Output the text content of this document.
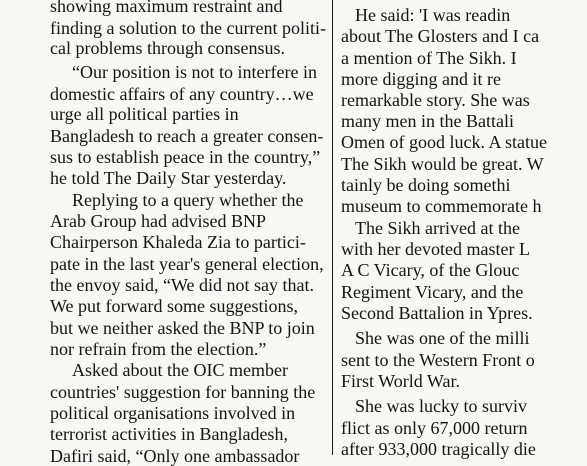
showing maximum restraint and
finding a solution to the current politi-
cal problems through consensus.
“Our position is not to interfere in
domestic affairs of any country…we
urge all political parties in
Bangladesh to reach a greater consen-
sus to establish peace in the country,”
he told The Daily Star yesterday.
Replying to a query whether the
Arab Group had advised BNP
Chairperson Khaleda Zia to partici-
pate in the last year's general election,
the envoy said, “We did not say that.
We put forward some suggestions,
but we neither asked the BNP to join
nor refrain from the election.”
Asked about the OIC member
countries' suggestion for banning the
political organisations involved in
terrorist activities in Bangladesh,
Dafiri said, “Only one ambassador
He said: 'I was readin
about The Glosters and I ca
a mention of The Sikh. I
more digging and it re
remarkable story. She was
many men in the Battali
Omen of good luck. A statue
The Sikh would be great. W
tainly be doing somethi
museum to commemorate h
The Sikh arrived at the
with her devoted master L
A C Vicary, of the Glouc
Regiment Vicary, and the
Second Battalion in Ypres.
She was one of the milli
sent to the Western Front o
First World War.
She was lucky to surviv
flict as only 67,000 return
after 933,000 tragically die
